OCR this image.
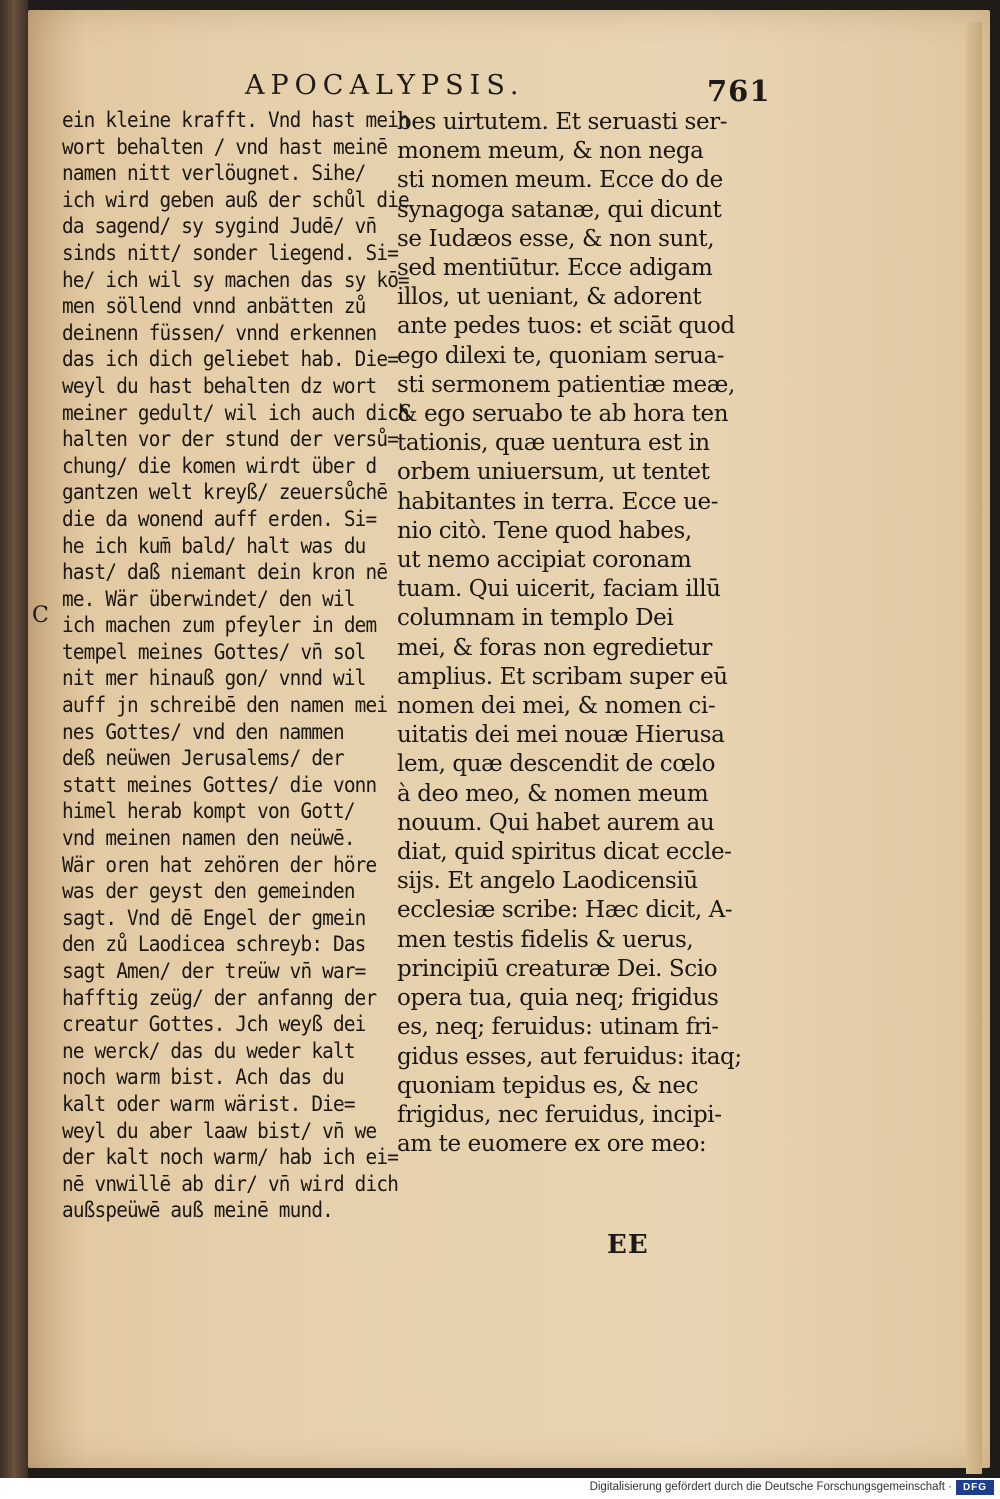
APOCALYPSIS.	761
C
ein kleine krafft. Vnd hast mein
wort behalten / vnd hast meinē
namen nitt verlöugnet. Sihe/
ich wird geben auß der schůl die
da sagend/ sy sygind Judē/ vn̄
sinds nitt/ sonder liegend. Si=
he/ ich wil sy machen das sy kō=
men söllend vnnd anbätten zů
deinenn füssen/ vnnd erkennen
das ich dich geliebet hab. Die=
weyl du hast behalten dz wort
meiner gedult/ wil ich auch dich
halten vor der stund der versů=
chung/ die komen wirdt über d
gantzen welt kreyß/ zeuersůchē
die da wonend auff erden. Si=
he ich kum̄ bald/ halt was du
hast/ daß niemant dein kron nē
me. Wär überwindet/ den wil
ich machen zum pfeyler in dem
tempel meines Gottes/ vn̄ sol
nit mer hinauß gon/ vnnd wil
auff jn schreibē den namen mei
nes Gottes/ vnd den nammen
deß neüwen Jerusalems/ der
statt meines Gottes/ die vonn
himel herab kompt von Gott/
vnd meinen namen den neüwē.
Wär oren hat zehören der höre
was der geyst den gemeinden
sagt. Vnd dē Engel der gmein
den zů Laodicea schreyb: Das
sagt Amen/ der treüw vn̄ war=
hafftig zeüg/ der anfanng der
creatur Gottes. Jch weyß dei
ne werck/ das du weder kalt
noch warm bist. Ach das du
kalt oder warm wärist. Die=
weyl du aber laaw bist/ vn̄ we
der kalt noch warm/ hab ich ei=
nē vnwillē ab dir/ vn̄ wird dich
außspeüwē auß meinē mund.
bes uirtutem. Et seruasti ser-
monem meum, & non nega
sti nomen meum. Ecce do de
synagoga satanæ, qui dicunt
se Iudæos esse, & non sunt,
sed mentiūtur. Ecce adigam
illos, ut ueniant, & adorent
ante pedes tuos: et sciāt quod
ego dilexi te, quoniam serua-
sti sermonem patientiæ meæ,
& ego seruabo te ab hora ten
tationis, quæ uentura est in
orbem uniuersum, ut tentet
habitantes in terra. Ecce ue-
nio citò. Tene quod habes,
ut nemo accipiat coronam
tuam. Qui uicerit, faciam illū
columnam in templo Dei
mei, & foras non egredietur
amplius. Et scribam super eū
nomen dei mei, & nomen ci-
uitatis dei mei nouæ Hierusa
lem, quæ descendit de cœlo
à deo meo, & nomen meum
nouum. Qui habet aurem au
diat, quid spiritus dicat eccle-
sijs. Et angelo Laodicensiū
ecclesiæ scribe: Hæc dicit, A-
men testis fidelis & uerus,
principiū creaturæ Dei. Scio
opera tua, quia neq; frigidus
es, neq; feruidus: utinam fri-
gidus esses, aut feruidus: itaq;
quoniam tepidus es, & nec
frigidus, nec feruidus, incipi-
am te euomere ex ore meo:
EE
Digitalisierung gefördert durch die Deutsche Forschungsgemeinschaft ·	DFG
